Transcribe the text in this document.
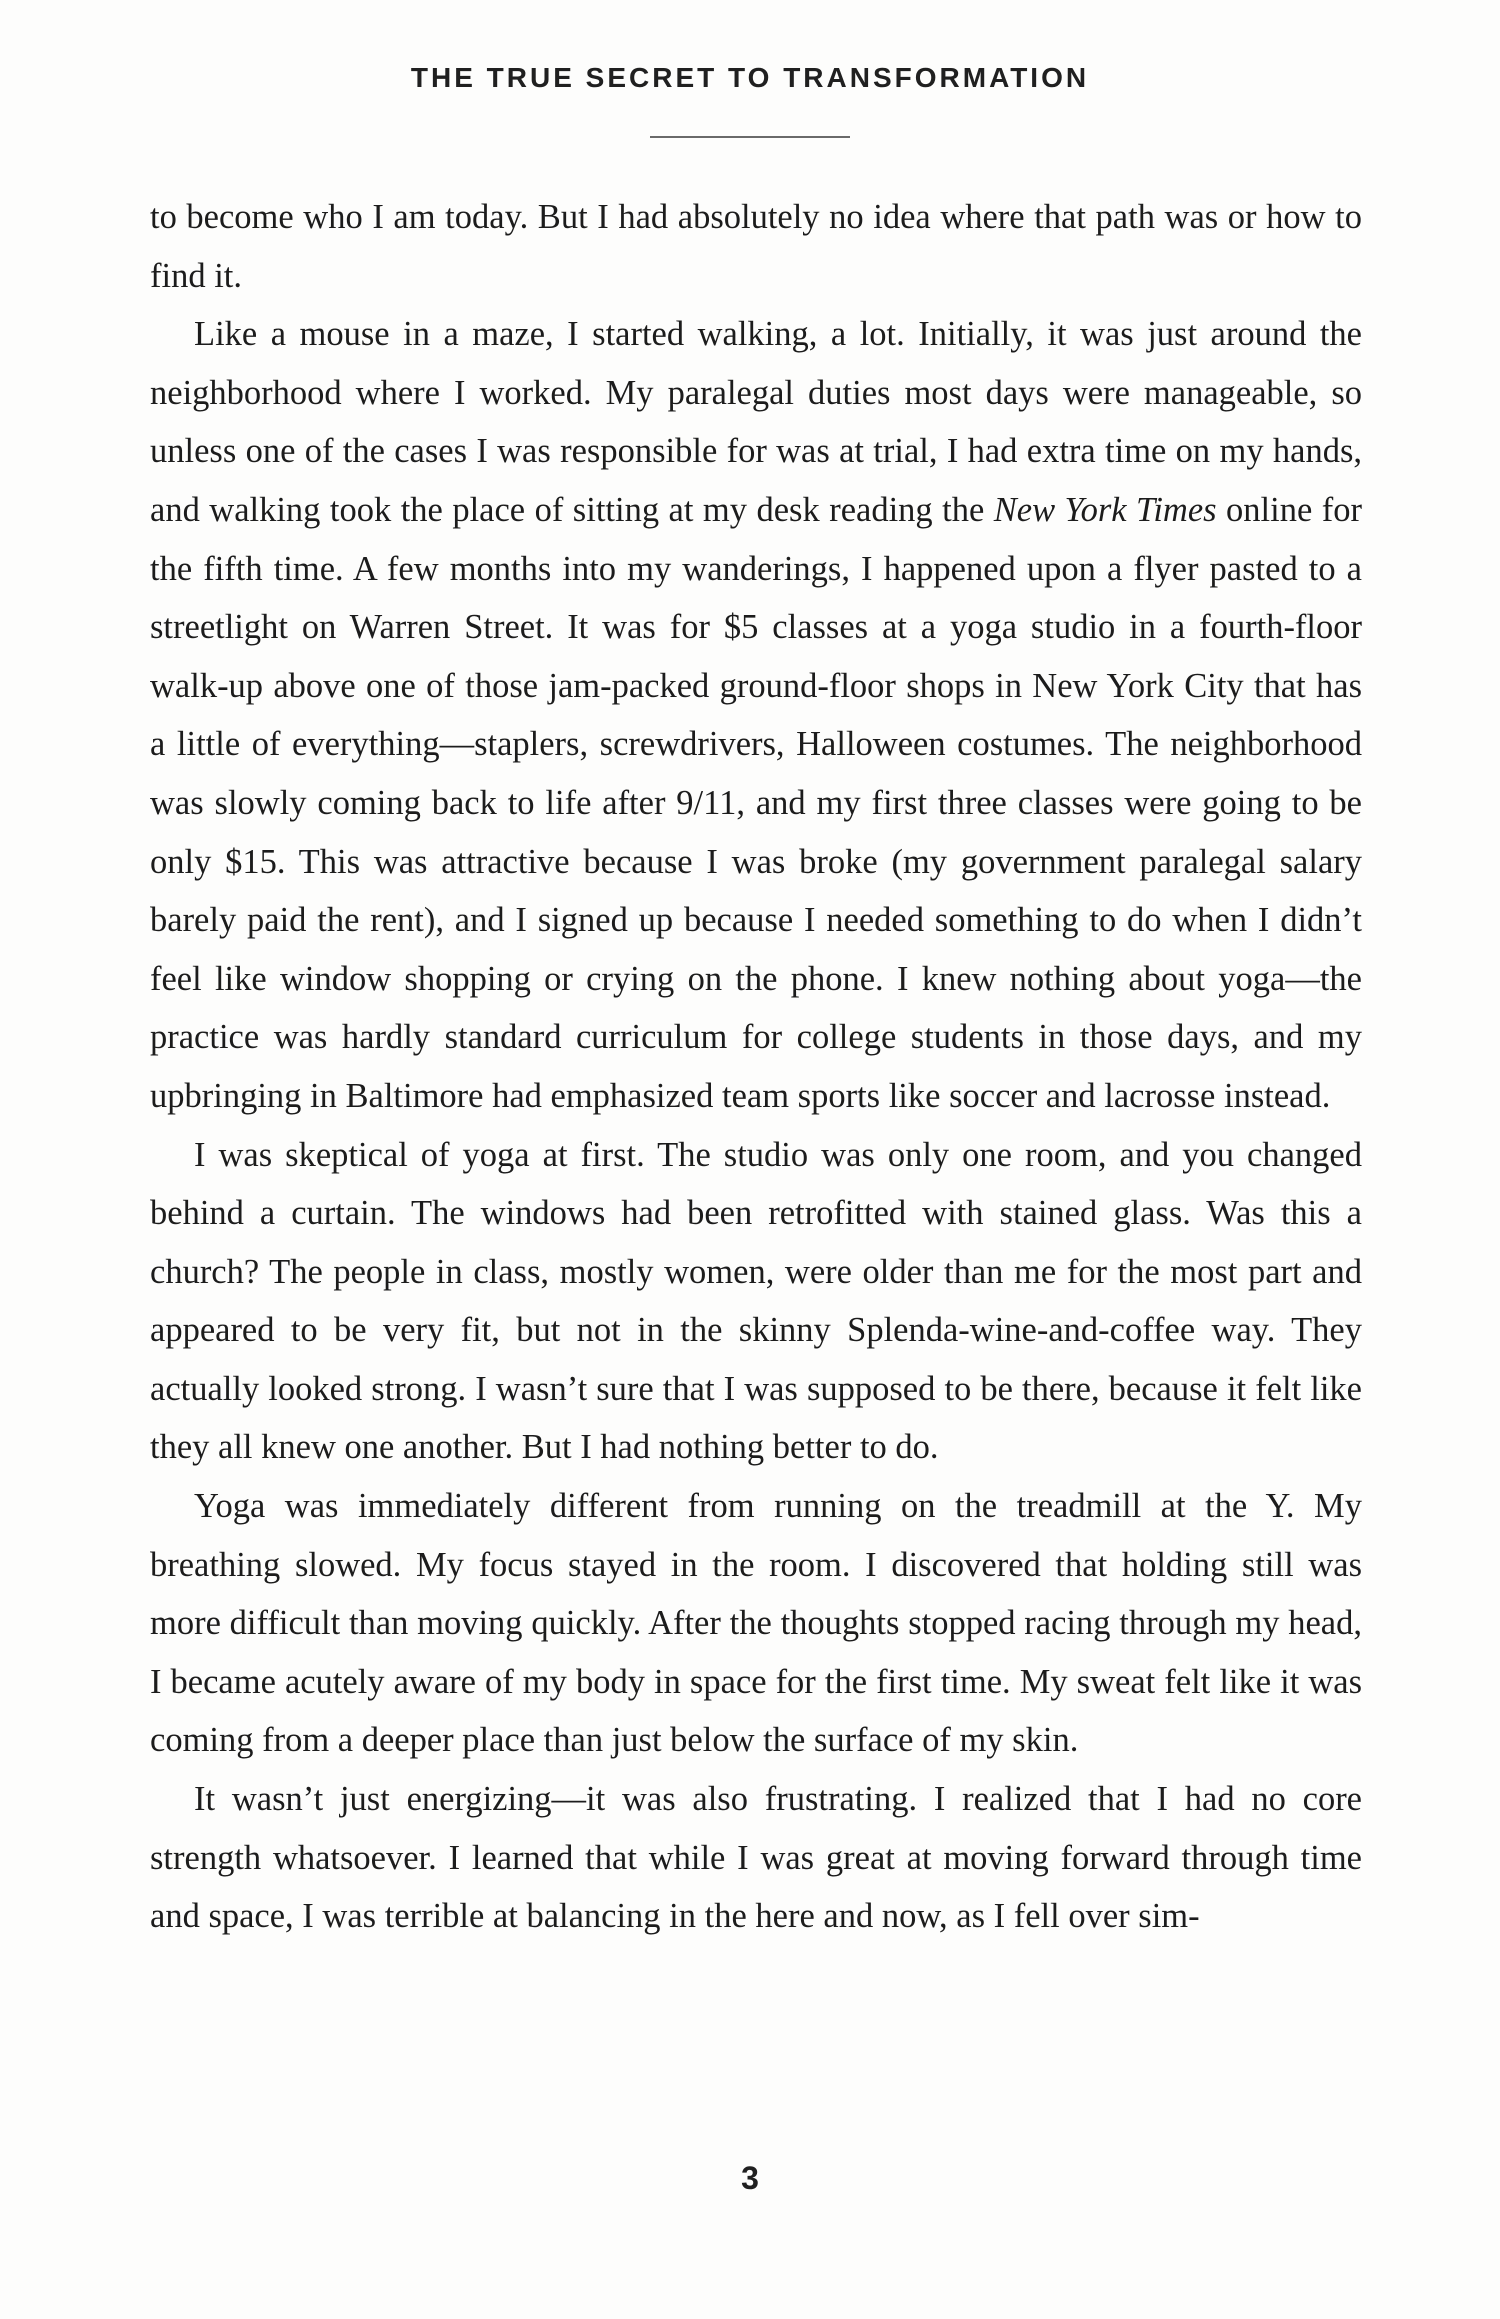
THE TRUE SECRET TO TRANSFORMATION

to become who I am today. But I had absolutely no idea where that path was or how to find it.

Like a mouse in a maze, I started walking, a lot. Initially, it was just around the neighborhood where I worked. My paralegal duties most days were manageable, so unless one of the cases I was responsible for was at trial, I had extra time on my hands, and walking took the place of sitting at my desk reading the New York Times online for the fifth time. A few months into my wanderings, I happened upon a flyer pasted to a streetlight on Warren Street. It was for $5 classes at a yoga studio in a fourth-floor walk-up above one of those jam-packed ground-floor shops in New York City that has a little of everything—staplers, screwdrivers, Halloween costumes. The neighborhood was slowly coming back to life after 9/11, and my first three classes were going to be only $15. This was attractive because I was broke (my government paralegal salary barely paid the rent), and I signed up because I needed something to do when I didn’t feel like window shopping or crying on the phone. I knew nothing about yoga—the practice was hardly standard curriculum for college students in those days, and my upbringing in Baltimore had emphasized team sports like soccer and lacrosse instead.

I was skeptical of yoga at first. The studio was only one room, and you changed behind a curtain. The windows had been retrofitted with stained glass. Was this a church? The people in class, mostly women, were older than me for the most part and appeared to be very fit, but not in the skinny Splenda-wine-and-coffee way. They actually looked strong. I wasn’t sure that I was supposed to be there, because it felt like they all knew one another. But I had nothing better to do.

Yoga was immediately different from running on the treadmill at the Y. My breathing slowed. My focus stayed in the room. I discovered that holding still was more difficult than moving quickly. After the thoughts stopped racing through my head, I became acutely aware of my body in space for the first time. My sweat felt like it was coming from a deeper place than just below the surface of my skin.

It wasn’t just energizing—it was also frustrating. I realized that I had no core strength whatsoever. I learned that while I was great at moving forward through time and space, I was terrible at balancing in the here and now, as I fell over sim-

3
